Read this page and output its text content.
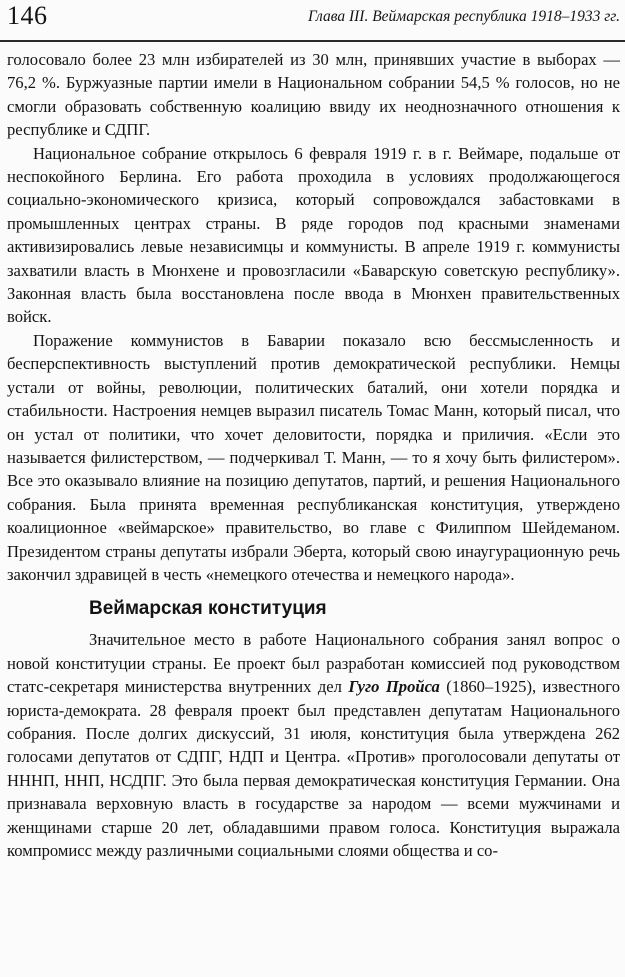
146	Глава III. Веймарская республика 1918–1933 гг.

голосовало более 23 млн избирателей из 30 млн, принявших участие в выборах — 76,2 %. Буржуазные партии имели в Национальном собрании 54,5 % голосов, но не смогли образовать собственную коалицию ввиду их неоднозначного отношения к республике и СДПГ.

Национальное собрание открылось 6 февраля 1919 г. в г. Веймаре, подальше от неспокойного Берлина. Его работа проходила в условиях продолжающегося социально-экономического кризиса, который сопровождался забастовками в промышленных центрах страны. В ряде городов под красными знаменами активизировались левые независимцы и коммунисты. В апреле 1919 г. коммунисты захватили власть в Мюнхене и провозгласили «Баварскую советскую республику». Законная власть была восстановлена после ввода в Мюнхен правительственных войск.

Поражение коммунистов в Баварии показало всю бессмысленность и бесперспективность выступлений против демократической республики. Немцы устали от войны, революции, политических баталий, они хотели порядка и стабильности. Настроения немцев выразил писатель Томас Манн, который писал, что он устал от политики, что хочет деловитости, порядка и приличия. «Если это называется филистерством, — подчеркивал Т. Манн, — то я хочу быть филистером». Все это оказывало влияние на позицию депутатов, партий, и решения Национального собрания. Была принята временная республиканская конституция, утверждено коалиционное «веймарское» правительство, во главе с Филиппом Шейдеманом. Президентом страны депутаты избрали Эберта, который свою инаугурационную речь закончил здравицей в честь «немецкого отечества и немецкого народа».

Веймарская конституция

Значительное место в работе Национального собрания занял вопрос о новой конституции страны. Ее проект был разработан комиссией под руководством статс-секретаря министерства внутренних дел Гуго Пройса (1860–1925), известного юриста-демократа. 28 февраля проект был представлен депутатам Национального собрания. После долгих дискуссий, 31 июля, конституция была утверждена 262 голосами депутатов от СДПГ, НДП и Центра. «Против» проголосовали депутаты от НННП, ННП, НСДПГ. Это была первая демократическая конституция Германии. Она признавала верховную власть в государстве за народом — всеми мужчинами и женщинами старше 20 лет, обладавшими правом голоса. Конституция выражала компромисс между различными социальными слоями общества и со-
